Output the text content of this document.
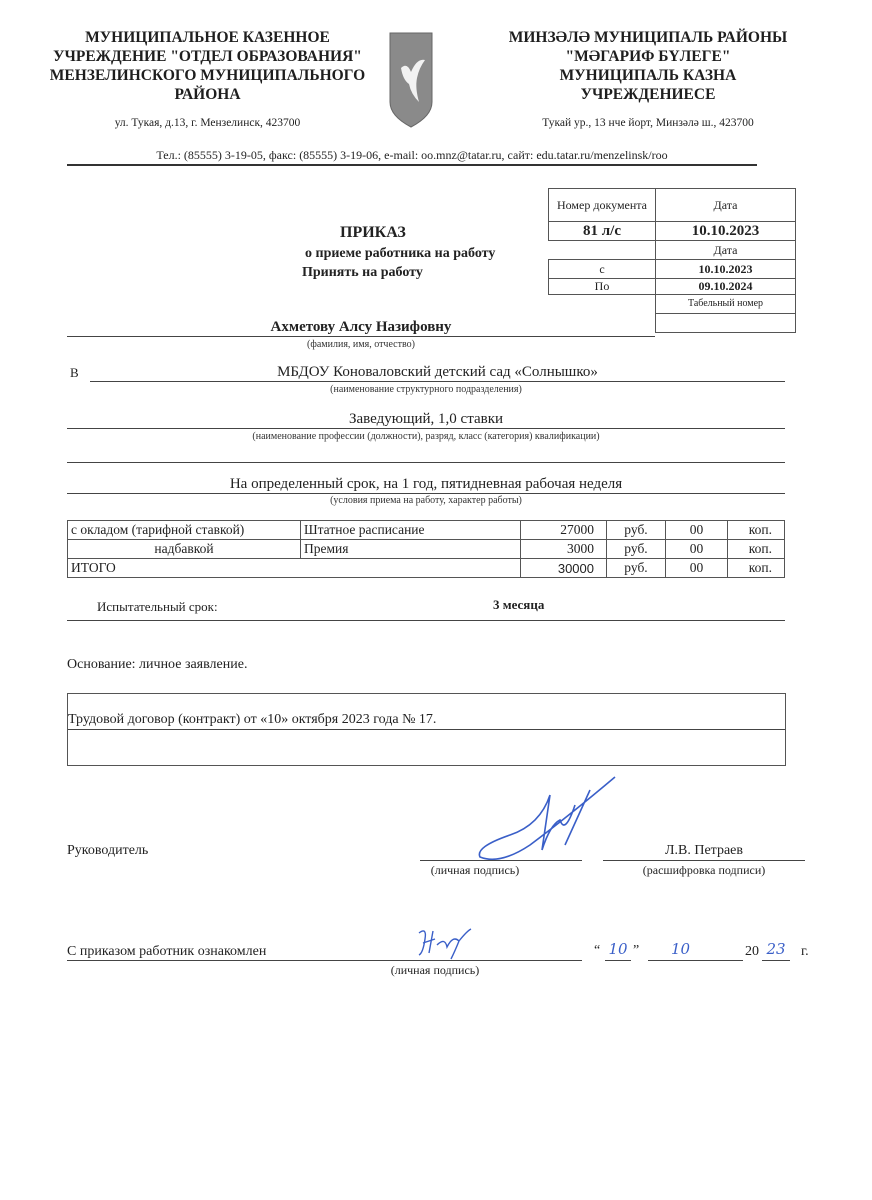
МУНИЦИПАЛЬНОЕ КАЗЕННОЕ
УЧРЕЖДЕНИЕ "ОТДЕЛ ОБРАЗОВАНИЯ"
МЕНЗЕЛИНСКОГО МУНИЦИПАЛЬНОГО
РАЙОНА
ул. Тукая, д.13, г. Мензелинск, 423700
МИНЗӘЛӘ МУНИЦИПАЛЬ РАЙОНЫ
"МӘГАРИФ БҮЛЕГЕ"
МУНИЦИПАЛЬ КАЗНА
УЧРЕЖДЕНИЕСЕ
Тукай ур., 13 нче йорт, Минзәлә ш., 423700
Тел.: (85555) 3-19-05, факс: (85555) 3-19-06, e-mail: oo.mnz@tatar.ru, сайт: edu.tatar.ru/menzelinsk/roo
ПРИКАЗ
о приеме работника на работу
Принять на работу
Номер документа	Дата
81 л/с	10.10.2023
	Дата
с	10.10.2023
По	09.10.2024
	Табельный номер

Ахметову Алсу Назифовну
(фамилия, имя, отчество)
В	МБДОУ Коноваловский детский сад «Солнышко»
(наименование структурного подразделения)
Заведующий, 1,0 ставки
(наименование профессии (должности), разряд, класс (категория) квалификации)
На определенный срок, на 1 год, пятидневная рабочая неделя
(условия приема на работу, характер работы)
с окладом (тарифной ставкой)	Штатное расписание	27000	руб.	00	коп.
надбавкой	Премия	3000	руб.	00	коп.
ИТОГО		30000	руб.	00	коп.
Испытательный срок:	3 месяца
Основание: личное заявление.
Трудовой договор (контракт) от «10» октября 2023 года № 17.
Руководитель
(личная подпись)
Л.В. Петраев
(расшифровка подписи)
С приказом работник ознакомлен
(личная подпись)
“ 10 ”	10	20 23	г.
